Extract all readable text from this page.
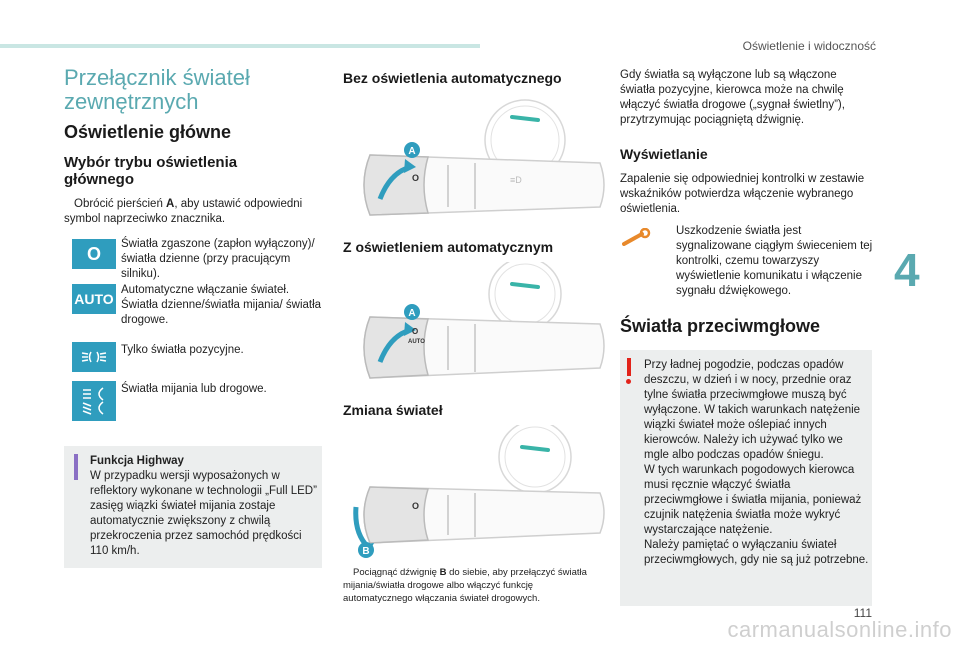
Oświetlenie i widoczność
Przełącznik świateł zewnętrznych
Oświetlenie główne
Wybór trybu oświetlenia głównego
Obrócić pierścień A, aby ustawić odpowiedni symbol naprzeciwko znacznika.
O Światła zgaszone (zapłon wyłączony)/ światła dzienne (przy pracującym silniku).
AUTO
Automatyczne włączanie świateł. Światła dzienne/światła mijania/ światła drogowe.
Tylko światła pozycyjne.
Światła mijania lub drogowe.
Funkcja Highway
W przypadku wersji wyposażonych w reflektory wykonane w technologii „Full LED” zasięg wiązki świateł mijania zostaje automatycznie zwiększony z chwilą przekroczenia przez samochód prędkości 110 km/h.
Bez oświetlenia automatycznego
A
O	≡D
Z oświetleniem automatycznym
A
O
AUTO
Zmiana świateł
B
O
Pociągnąć dźwignię B do siebie, aby przełączyć światła mijania/światła drogowe albo włączyć funkcję automatycznego włączania świateł drogowych.
Gdy światła są wyłączone lub są włączone światła pozycyjne, kierowca może na chwilę włączyć światła drogowe („sygnał świetlny”), przytrzymując pociągniętą dźwignię.
Wyświetlanie
Zapalenie się odpowiedniej kontrolki w zestawie wskaźników potwierdza włączenie wybranego oświetlenia.
Uszkodzenie światła jest sygnalizowane ciągłym świeceniem tej kontrolki, czemu towarzyszy wyświetlenie komunikatu i włączenie sygnału dźwiękowego.
Światła przeciwmgłowe
Przy ładnej pogodzie, podczas opadów deszczu, w dzień i w nocy, przednie oraz tylne światła przeciwmgłowe muszą być wyłączone. W takich warunkach natężenie wiązki świateł może oślepiać innych kierowców. Należy ich używać tylko we mgle albo podczas opadów śniegu.
W tych warunkach pogodowych kierowca musi ręcznie włączyć światła przeciwmgłowe i światła mijania, ponieważ czujnik natężenia światła może wykryć wystarczające natężenie.
Należy pamiętać o wyłączaniu świateł przeciwmgłowych, gdy nie są już potrzebne.
4
111
carmanualsonline.info
